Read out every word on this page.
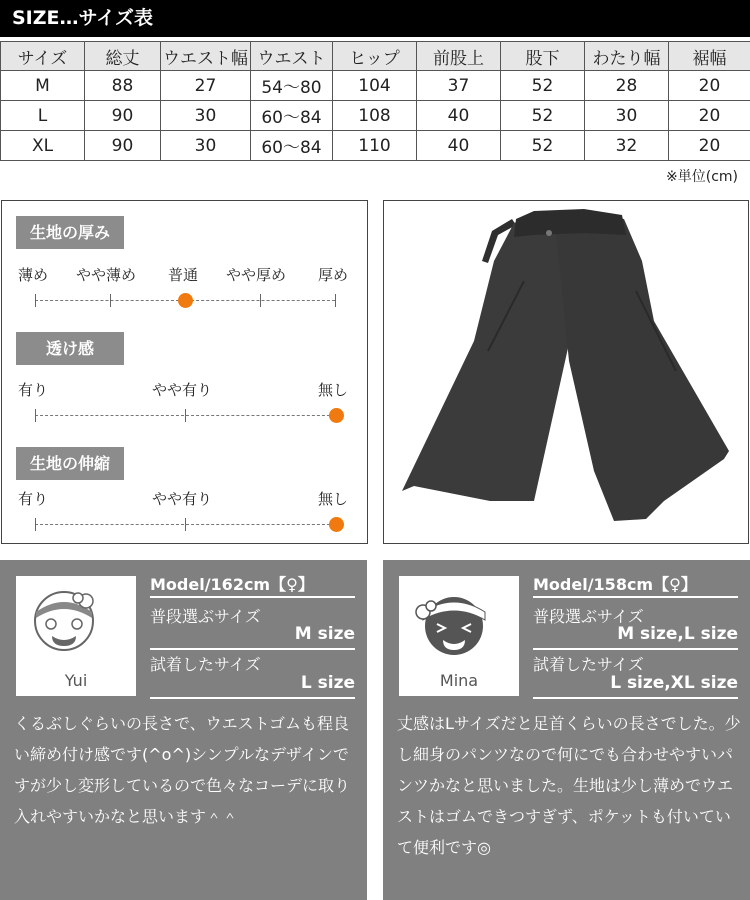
SIZE…サイズ表
サイズ	総丈	ウエスト幅	ウエスト	ヒップ	前股上	股下	わたり幅	裾幅
M	88	27	54〜80	104	37	52	28	20
L	90	30	60〜84	108	40	52	30	20
XL	90	30	60〜84	110	40	52	32	20
※単位(cm)
生地の厚み
薄め やや薄め 普通 やや厚め 厚め
透け感
有り	やや有り	無し
生地の伸縮
有り	やや有り	無し
Yui
Model/162cm【♀】
普段選ぶサイズ
M size
試着したサイズ
L size
くるぶしぐらいの長さで、ウエストゴムも程良い締め付け感です(^o^)シンプルなデザインですが少し変形しているので色々なコーデに取り入れやすいかなと思います＾＾
Mina
Model/158cm【♀】
普段選ぶサイズ
M size,L size
試着したサイズ
L size,XL size
丈感はLサイズだと足首くらいの長さでした。少し細身のパンツなので何にでも合わせやすいパンツかなと思いました。生地は少し薄めでウエストはゴムできつすぎず、ポケットも付いていて便利です◎
